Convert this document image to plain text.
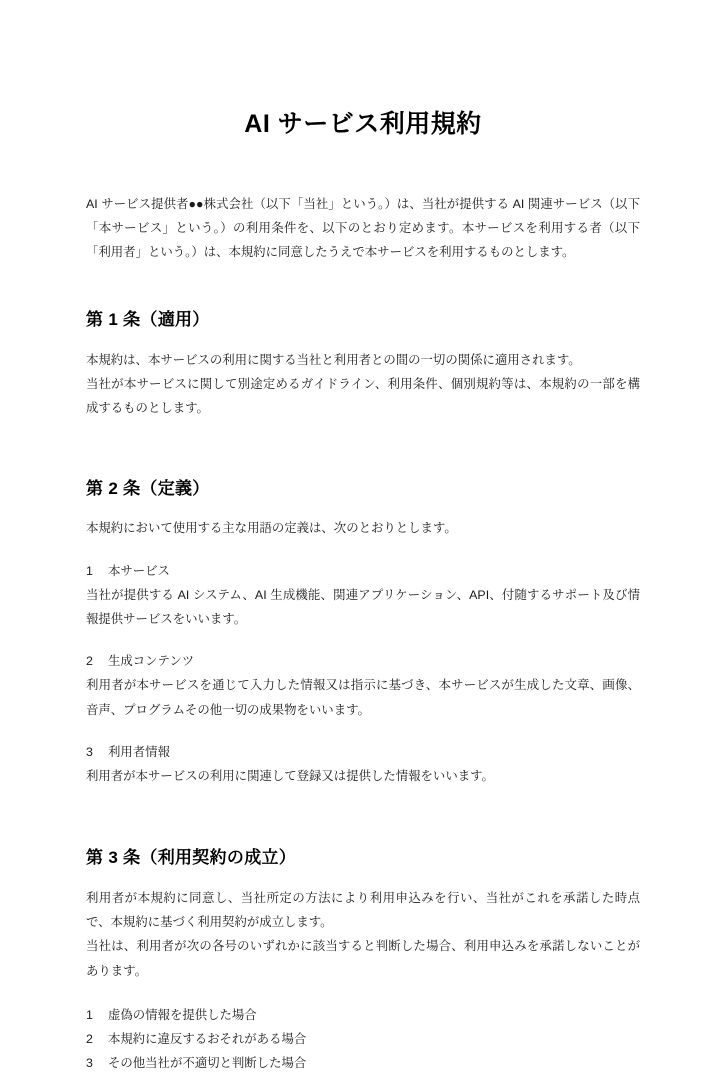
AI サービス利用規約

AI サービス提供者●●株式会社（以下「当社」という。）は、当社が提供する AI 関連サービス（以下「本サービス」という。）の利用条件を、以下のとおり定めます。本サービスを利用する者（以下「利用者」という。）は、本規約に同意したうえで本サービスを利用するものとします。

第 1 条（適用）

本規約は、本サービスの利用に関する当社と利用者との間の一切の関係に適用されます。

当社が本サービスに関して別途定めるガイドライン、利用条件、個別規約等は、本規約の一部を構成するものとします。

第 2 条（定義）

本規約において使用する主な用語の定義は、次のとおりとします。

1 本サービス

当社が提供する AI システム、AI 生成機能、関連アプリケーション、API、付随するサポート及び情報提供サービスをいいます。

2 生成コンテンツ

利用者が本サービスを通じて入力した情報又は指示に基づき、本サービスが生成した文章、画像、音声、プログラムその他一切の成果物をいいます。

3 利用者情報

利用者が本サービスの利用に関連して登録又は提供した情報をいいます。

第 3 条（利用契約の成立）

利用者が本規約に同意し、当社所定の方法により利用申込みを行い、当社がこれを承諾した時点で、本規約に基づく利用契約が成立します。

当社は、利用者が次の各号のいずれかに該当すると判断した場合、利用申込みを承諾しないことがあります。

1 虚偽の情報を提供した場合
2 本規約に違反するおそれがある場合
3 その他当社が不適切と判断した場合
